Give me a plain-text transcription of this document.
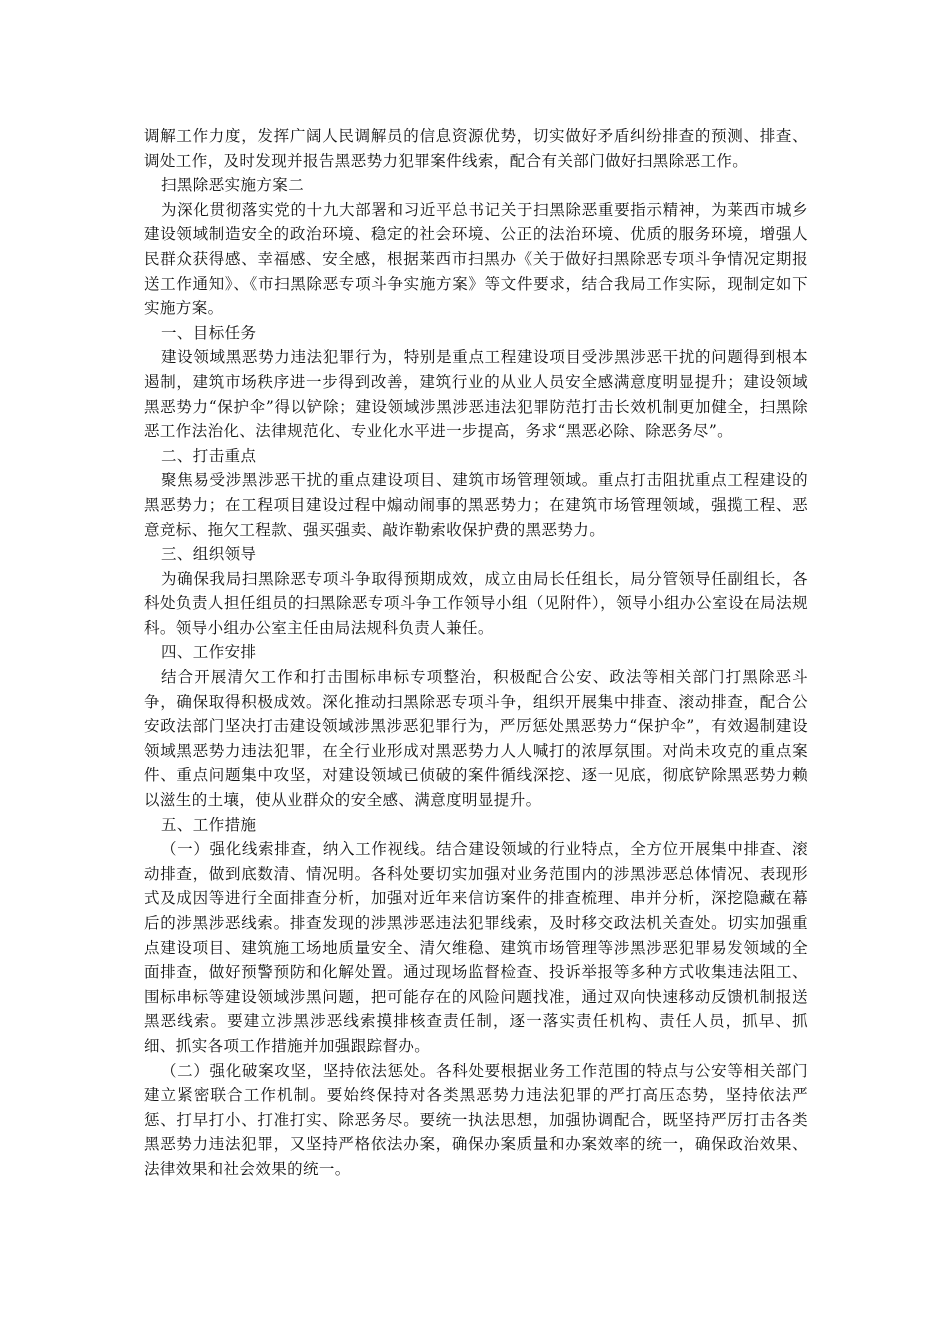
调解工作力度，发挥广阔人民调解员的信息资源优势，切实做好矛盾纠纷排查的预测、排查、调处工作，及时发现并报告黑恶势力犯罪案件线索，配合有关部门做好扫黑除恶工作。

扫黑除恶实施方案二

为深化贯彻落实党的十九大部署和习近平总书记关于扫黑除恶重要指示精神，为莱西市城乡建设领域制造安全的政治环境、稳定的社会环境、公正的法治环境、优质的服务环境，增强人民群众获得感、幸福感、安全感，根据莱西市扫黑办《关于做好扫黑除恶专项斗争情况定期报送工作通知》、《市扫黑除恶专项斗争实施方案》等文件要求，结合我局工作实际，现制定如下实施方案。

一、目标任务

建设领域黑恶势力违法犯罪行为，特别是重点工程建设项目受涉黑涉恶干扰的问题得到根本遏制，建筑市场秩序进一步得到改善，建筑行业的从业人员安全感满意度明显提升；建设领域黑恶势力“保护伞”得以铲除；建设领域涉黑涉恶违法犯罪防范打击长效机制更加健全，扫黑除恶工作法治化、法律规范化、专业化水平进一步提高，务求“黑恶必除、除恶务尽”。

二、打击重点

聚焦易受涉黑涉恶干扰的重点建设项目、建筑市场管理领域。重点打击阻扰重点工程建设的黑恶势力；在工程项目建设过程中煽动闹事的黑恶势力；在建筑市场管理领域，强揽工程、恶意竞标、拖欠工程款、强买强卖、敲诈勒索收保护费的黑恶势力。

三、组织领导

为确保我局扫黑除恶专项斗争取得预期成效，成立由局长任组长，局分管领导任副组长，各科处负责人担任组员的扫黑除恶专项斗争工作领导小组（见附件），领导小组办公室设在局法规科。领导小组办公室主任由局法规科负责人兼任。

四、工作安排

结合开展清欠工作和打击围标串标专项整治，积极配合公安、政法等相关部门打黑除恶斗争，确保取得积极成效。深化推动扫黑除恶专项斗争，组织开展集中排查、滚动排查，配合公安政法部门坚决打击建设领域涉黑涉恶犯罪行为，严厉惩处黑恶势力“保护伞”，有效遏制建设领域黑恶势力违法犯罪，在全行业形成对黑恶势力人人喊打的浓厚氛围。对尚未攻克的重点案件、重点问题集中攻坚，对建设领域已侦破的案件循线深挖、逐一见底，彻底铲除黑恶势力赖以滋生的土壤，使从业群众的安全感、满意度明显提升。

五、工作措施

（一）强化线索排查，纳入工作视线。结合建设领域的行业特点，全方位开展集中排查、滚动排查，做到底数清、情况明。各科处要切实加强对业务范围内的涉黑涉恶总体情况、表现形式及成因等进行全面排查分析，加强对近年来信访案件的排查梳理、串并分析，深挖隐藏在幕后的涉黑涉恶线索。排查发现的涉黑涉恶违法犯罪线索，及时移交政法机关查处。切实加强重点建设项目、建筑施工场地质量安全、清欠维稳、建筑市场管理等涉黑涉恶犯罪易发领域的全面排查，做好预警预防和化解处置。通过现场监督检查、投诉举报等多种方式收集违法阻工、围标串标等建设领域涉黑问题，把可能存在的风险问题找准，通过双向快速移动反馈机制报送黑恶线索。要建立涉黑涉恶线索摸排核查责任制，逐一落实责任机构、责任人员，抓早、抓细、抓实各项工作措施并加强跟踪督办。

（二）强化破案攻坚，坚持依法惩处。各科处要根据业务工作范围的特点与公安等相关部门建立紧密联合工作机制。要始终保持对各类黑恶势力违法犯罪的严打高压态势，坚持依法严惩、打早打小、打准打实、除恶务尽。要统一执法思想，加强协调配合，既坚持严厉打击各类黑恶势力违法犯罪，又坚持严格依法办案，确保办案质量和办案效率的统一，确保政治效果、法律效果和社会效果的统一。
